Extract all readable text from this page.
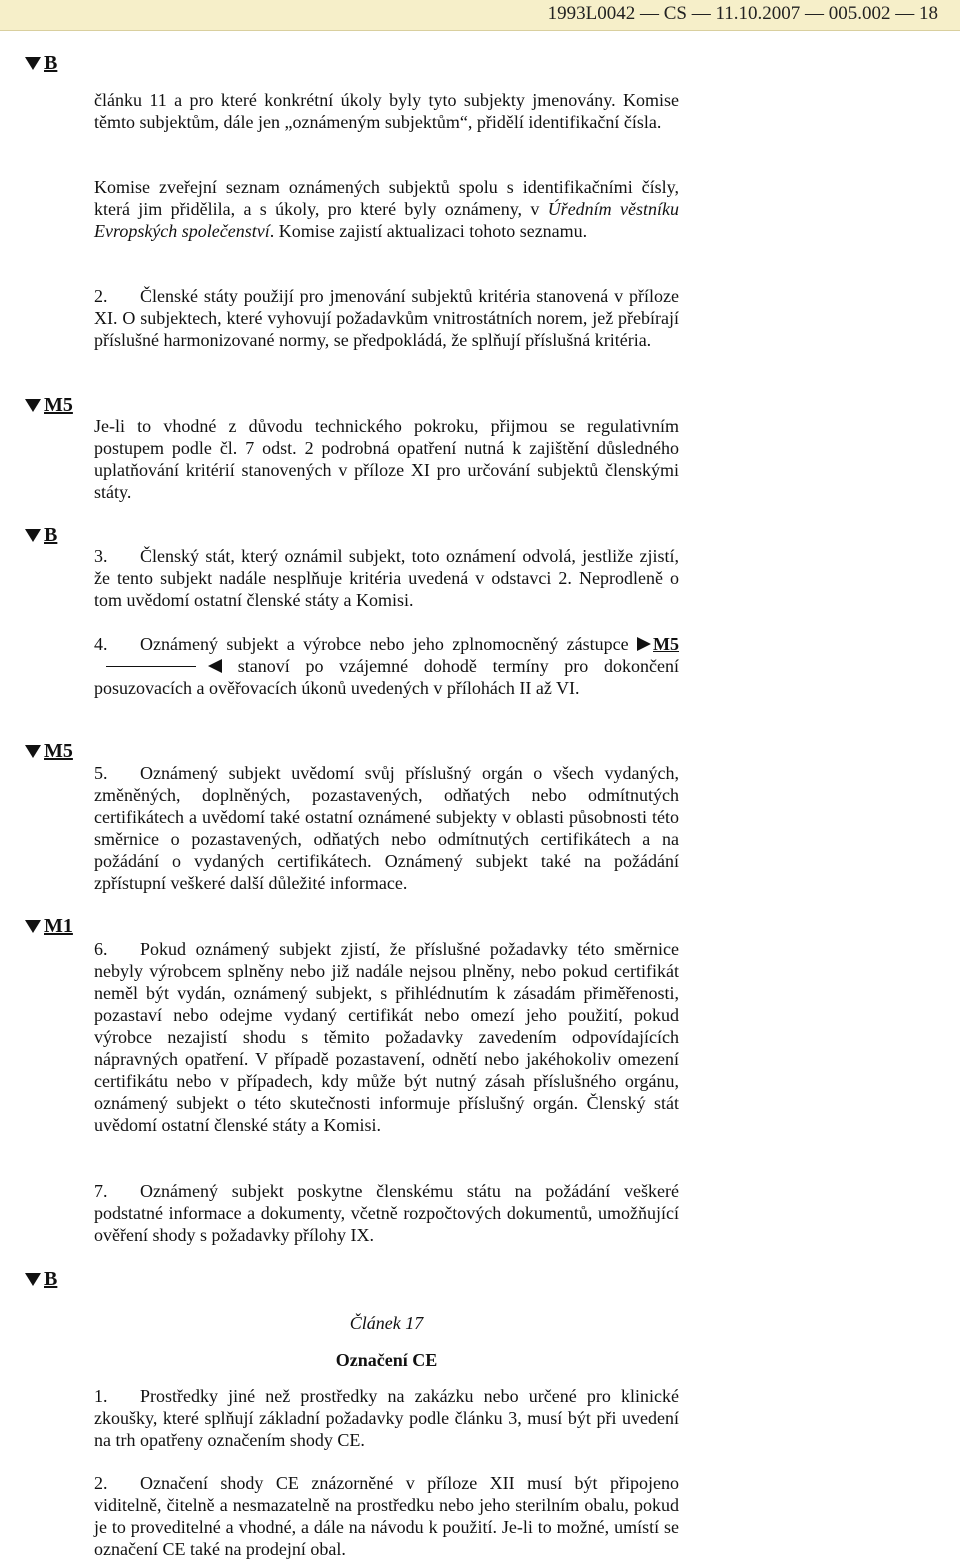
1993L0042 — CS — 11.10.2007 — 005.002 — 18
B
M5
B
M5
M1
B

článku 11 a pro které konkrétní úkoly byly tyto subjekty jmenovány. Komise těmto subjektům, dále jen „oznámeným subjektům“, přidělí identifikační čísla.

Komise zveřejní seznam oznámených subjektů spolu s identifikačními čísly, která jim přidělila, a s úkoly, pro které byly oznámeny, v Úředním věstníku Evropských společenství. Komise zajistí aktualizaci tohoto seznamu.

2. Členské státy použijí pro jmenování subjektů kritéria stanovená v příloze XI. O subjektech, které vyhovují požadavkům vnitrostátních norem, jež přebírají příslušné harmonizované normy, se předpokládá, že splňují příslušná kritéria.

Je-li to vhodné z důvodu technického pokroku, přijmou se regulativním postupem podle čl. 7 odst. 2 podrobná opatření nutná k zajištění důsledného uplatňování kritérií stanovených v příloze XI pro určování subjektů členskými státy.

3. Členský stát, který oznámil subjekt, toto oznámení odvolá, jestliže zjistí, že tento subjekt nadále nesplňuje kritéria uvedená v odstavci 2. Neprodleně o tom uvědomí ostatní členské státy a Komisi.

4. Oznámený subjekt a výrobce nebo jeho zplnomocněný zástupce M5 stanoví po vzájemné dohodě termíny pro dokončení posuzovacích a ověřovacích úkonů uvedených v přílohách II až VI.

5. Oznámený subjekt uvědomí svůj příslušný orgán o všech vydaných, změněných, doplněných, pozastavených, odňatých nebo odmítnutých certifikátech a uvědomí také ostatní oznámené subjekty v oblasti působnosti této směrnice o pozastavených, odňatých nebo odmítnutých certifikátech a na požádání o vydaných certifikátech. Oznámený subjekt také na požádání zpřístupní veškeré další důležité informace.

6. Pokud oznámený subjekt zjistí, že příslušné požadavky této směrnice nebyly výrobcem splněny nebo již nadále nejsou plněny, nebo pokud certifikát neměl být vydán, oznámený subjekt, s přihlédnutím k zásadám přiměřenosti, pozastaví nebo odejme vydaný certifikát nebo omezí jeho použití, pokud výrobce nezajistí shodu s těmito požadavky zavedením odpovídajících nápravných opatření. V případě pozastavení, odnětí nebo jakéhokoliv omezení certifikátu nebo v případech, kdy může být nutný zásah příslušného orgánu, oznámený subjekt o této skutečnosti informuje příslušný orgán. Členský stát uvědomí ostatní členské státy a Komisi.

7. Oznámený subjekt poskytne členskému státu na požádání veškeré podstatné informace a dokumenty, včetně rozpočtových dokumentů, umožňující ověření shody s požadavky přílohy IX.

Článek 17
Označení CE

1. Prostředky jiné než prostředky na zakázku nebo určené pro klinické zkoušky, které splňují základní požadavky podle článku 3, musí být při uvedení na trh opatřeny označením shody CE.

2. Označení shody CE znázorněné v příloze XII musí být připojeno viditelně, čitelně a nesmazatelně na prostředku nebo jeho sterilním obalu, pokud je to proveditelné a vhodné, a dále na návodu k použití. Je-li to možné, umístí se označení CE také na prodejní obal.
